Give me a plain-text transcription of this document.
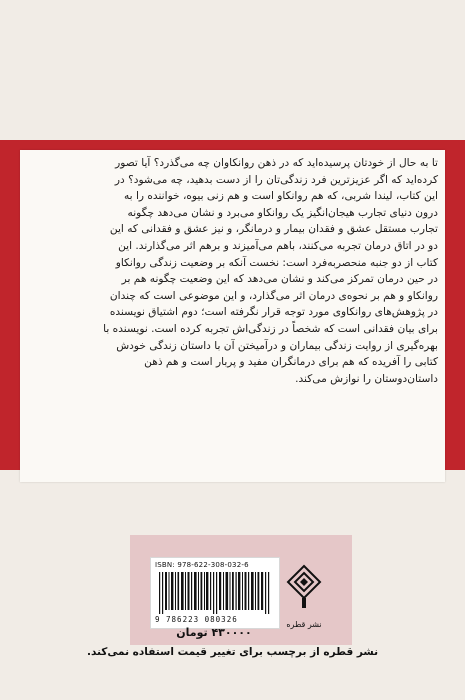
تا به حال از خودتان پرسیده‌اید که در ذهن روانکاوان چه می‌گذرد؟ آیا تصور

کرده‌اید که اگر عزیزترین فرد زندگی‌تان را از دست بدهید، چه می‌شود؟ در

این کتاب، لیندا شربی، که هم روانکاو است و هم زنی بیوه، خواننده را به

درون دنیای تجارب هیجان‌انگیز یک روانکاو می‌برد و نشان می‌دهد چگونه

تجارب مستقل عشق و فقدان بیمار و درمانگر، و نیز عشق و فقدانی که این

دو در اتاق درمان تجربه می‌کنند، باهم می‌آمیزند و برهم اثر می‌گذارند. این

کتاب از دو جنبه منحصربه‌فرد است: نخست آنکه بر وضعیت زندگی روانکاو

در حین درمان تمرکز می‌کند و نشان می‌دهد که این وضعیت چگونه هم بر

روانکاو و هم بر نحوه‌ی درمان اثر می‌گذارد، و این موضوعی است که چندان

در پژوهش‌های روانکاوی مورد توجه قرار نگرفته است؛ دوم اشتیاق نویسنده

برای بیان فقدانی است که شخصاً در زندگی‌اش تجربه کرده است. نویسنده با

بهره‌گیری از روایت زندگی بیماران و درآمیختن آن با داستان زندگی خودش

کتابی را آفریده که هم برای درمانگران مفید و پربار است و هم ذهن

داستان‌دوستان را نوازش می‌کند.

ISBN: 978-622-308-032-6
9 786223 080326
نشر قطره
۴۳۰۰۰۰ تومان
نشر قطره از برچسب برای تغییر قیمت استفاده نمی‌کند.
